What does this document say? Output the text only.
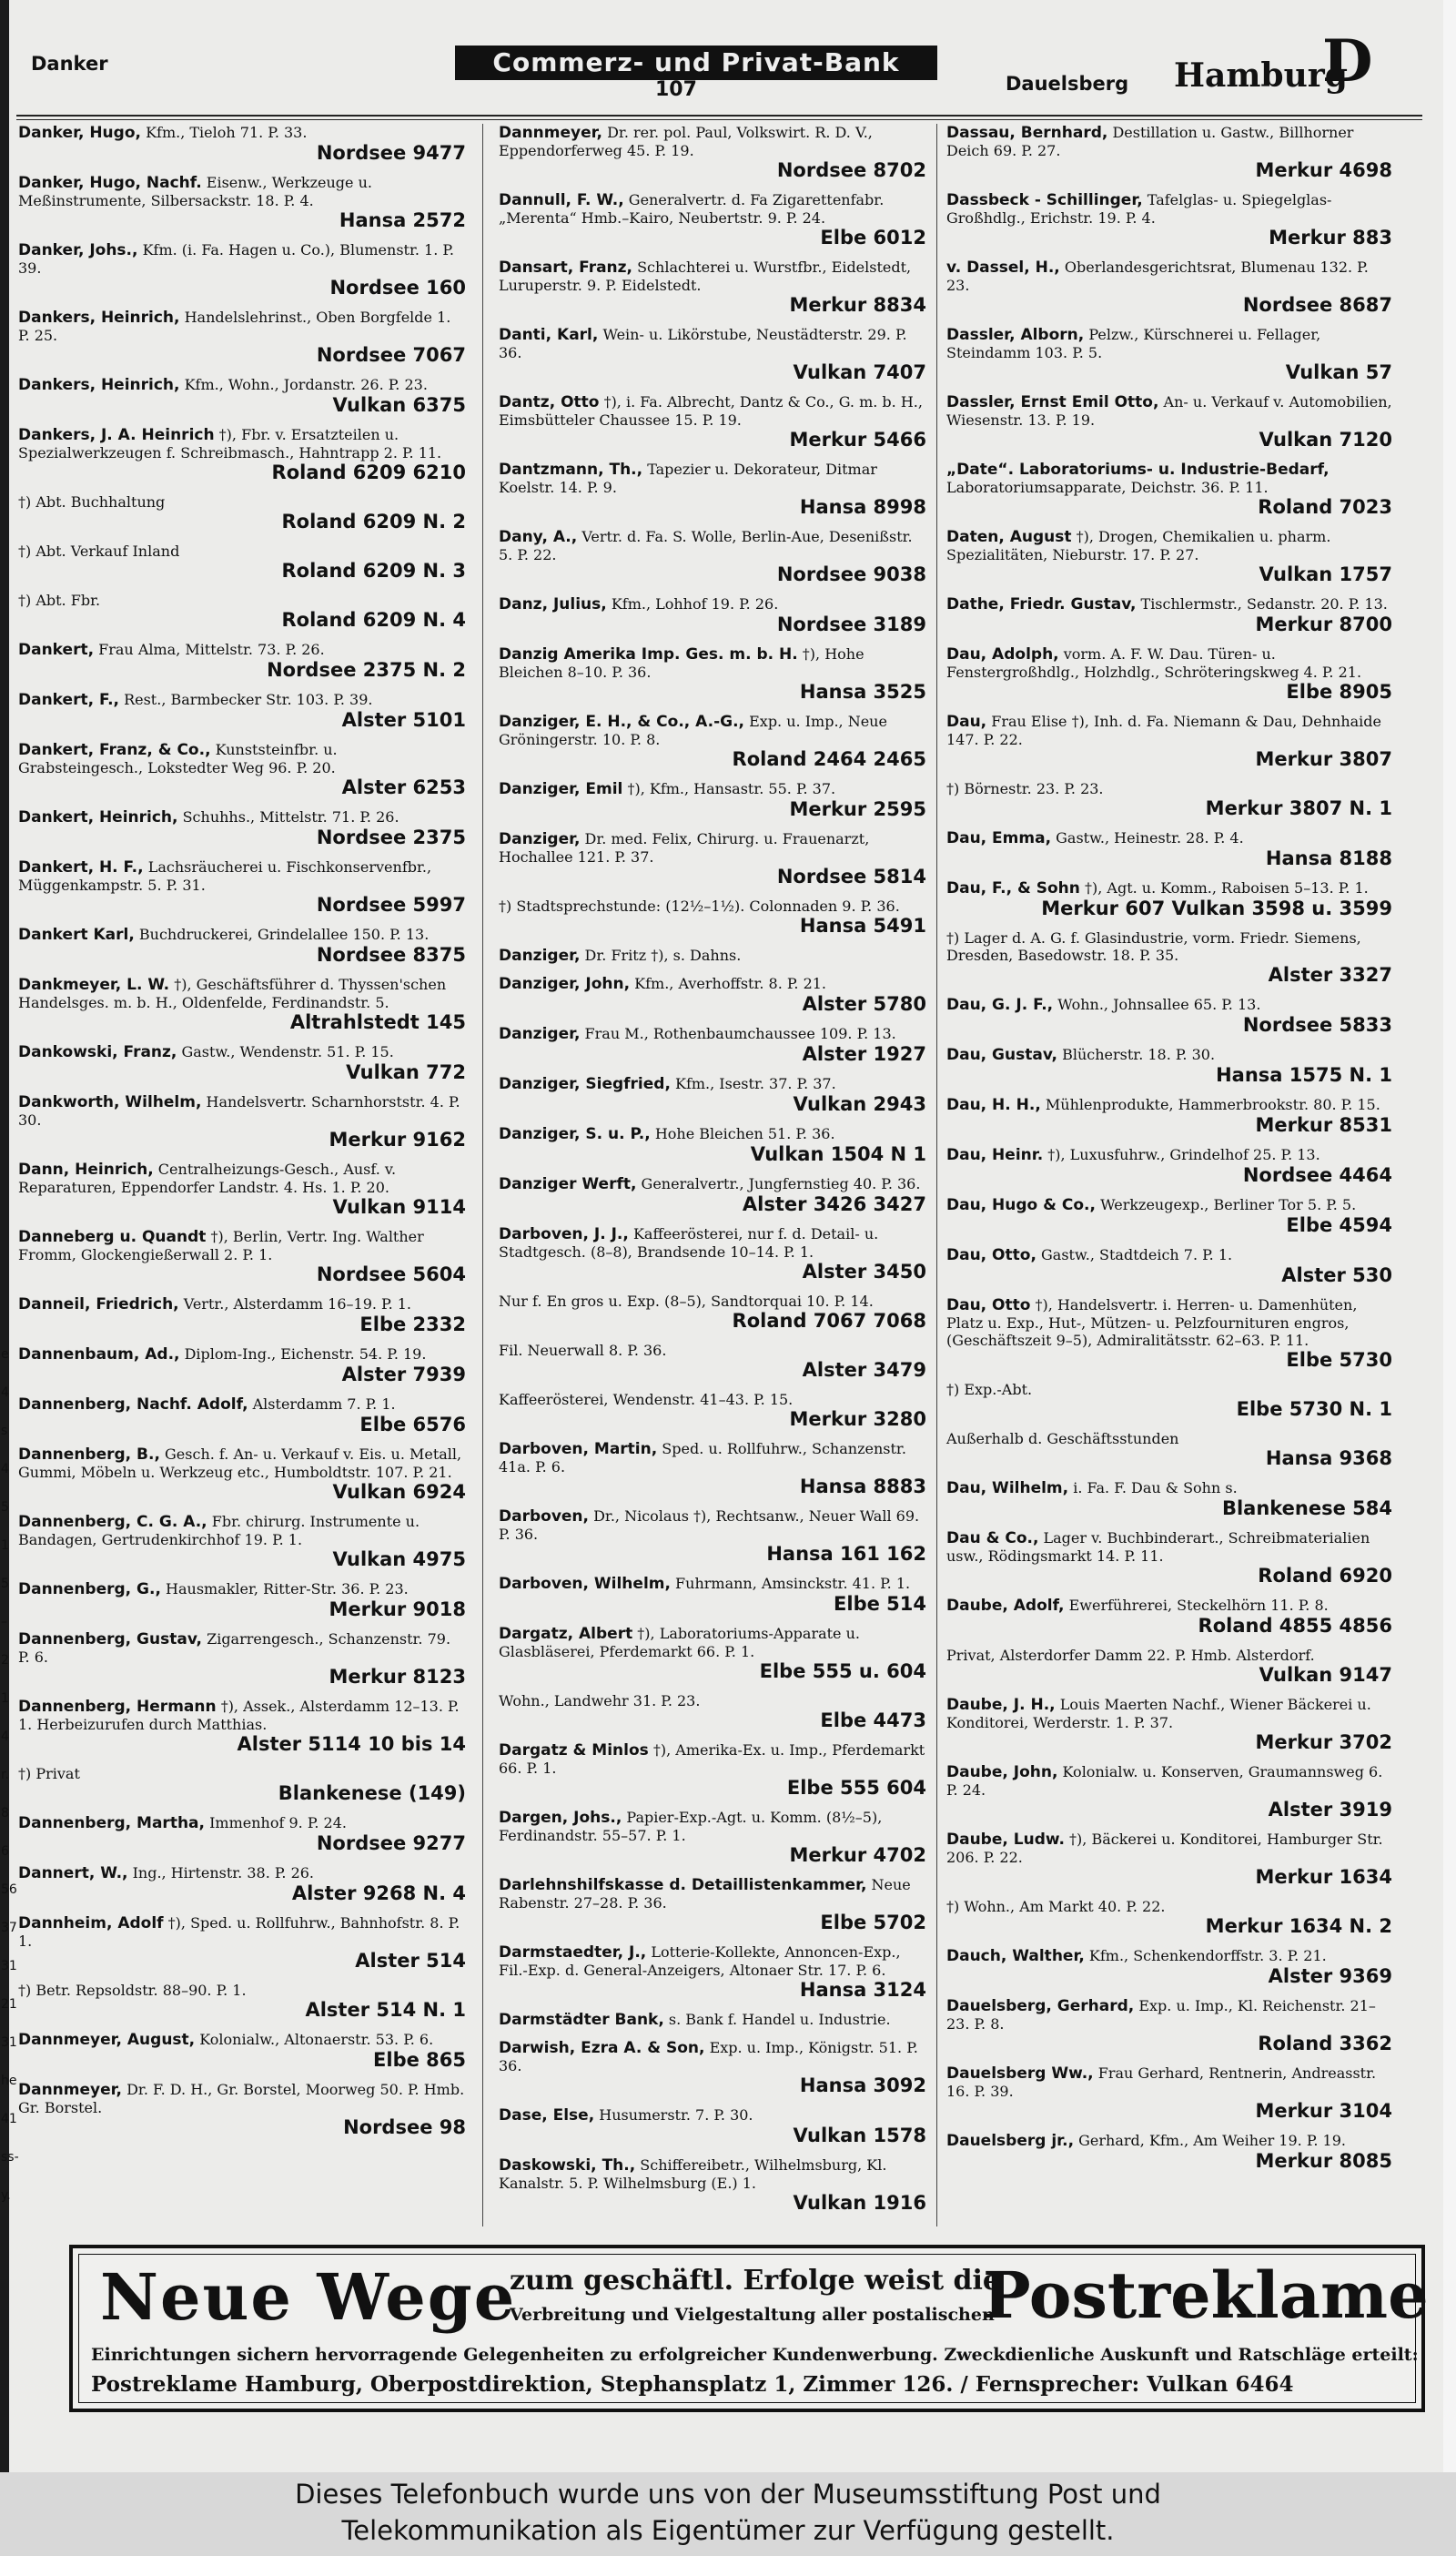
e
4
s
4
5
1
5
–
2
1
4
r.
8
6
56
37
31
21
31
he
41
ss-
y.
Danker	Commerz- und Privat-Bank
107	Dauelsberg Hamburg
D
Danker, Hugo, Kfm., Tieloh 71. P. 33.
Nordsee 9477
Danker, Hugo, Nachf. Eisenw., Werkzeuge u. Meßinstrumente, Silbersackstr. 18. P. 4.
Hansa 2572
Danker, Johs., Kfm. (i. Fa. Hagen u. Co.), Blumenstr. 1. P. 39.
Nordsee 160
Dankers, Heinrich, Handelslehrinst., Oben Borgfelde 1. P. 25.
Nordsee 7067
Dankers, Heinrich, Kfm., Wohn., Jordanstr. 26. P. 23.
Vulkan 6375
Dankers, J. A. Heinrich †), Fbr. v. Ersatzteilen u. Spezialwerkzeugen f. Schreibmasch., Hahntrapp 2. P. 11.
Roland 6209 6210
†) Abt. Buchhaltung
Roland 6209 N. 2
†) Abt. Verkauf Inland
Roland 6209 N. 3
†) Abt. Fbr.
Roland 6209 N. 4
Dankert, Frau Alma, Mittelstr. 73. P. 26.
Nordsee 2375 N. 2
Dankert, F., Rest., Barmbecker Str. 103. P. 39.
Alster 5101
Dankert, Franz, & Co., Kunststeinfbr. u. Grabsteingesch., Lokstedter Weg 96. P. 20.
Alster 6253
Dankert, Heinrich, Schuhhs., Mittelstr. 71. P. 26.
Nordsee 2375
Dankert, H. F., Lachsräucherei u. Fischkonservenfbr., Müggenkampstr. 5. P. 31.
Nordsee 5997
Dankert Karl, Buchdruckerei, Grindelallee 150. P. 13.
Nordsee 8375
Dankmeyer, L. W. †), Geschäftsführer d. Thyssen'schen Handelsges. m. b. H., Oldenfelde, Ferdinandstr. 5.
Altrahlstedt 145
Dankowski, Franz, Gastw., Wendenstr. 51. P. 15.
Vulkan 772
Dankworth, Wilhelm, Handelsvertr. Scharnhorststr. 4. P. 30.
Merkur 9162
Dann, Heinrich, Centralheizungs-Gesch., Ausf. v. Reparaturen, Eppendorfer Landstr. 4. Hs. 1. P. 20.
Vulkan 9114
Danneberg u. Quandt †), Berlin, Vertr. Ing. Walther Fromm, Glockengießerwall 2. P. 1.
Nordsee 5604
Danneil, Friedrich, Vertr., Alsterdamm 16–19. P. 1.
Elbe 2332
Dannenbaum, Ad., Diplom-Ing., Eichenstr. 54. P. 19.
Alster 7939
Dannenberg, Nachf. Adolf, Alsterdamm 7. P. 1.
Elbe 6576
Dannenberg, B., Gesch. f. An- u. Verkauf v. Eis. u. Metall, Gummi, Möbeln u. Werkzeug etc., Humboldtstr. 107. P. 21.
Vulkan 6924
Dannenberg, C. G. A., Fbr. chirurg. Instrumente u. Bandagen, Gertrudenkirchhof 19. P. 1.
Vulkan 4975
Dannenberg, G., Hausmakler, Ritter-Str. 36. P. 23.
Merkur 9018
Dannenberg, Gustav, Zigarrengesch., Schanzenstr. 79. P. 6.
Merkur 8123
Dannenberg, Hermann †), Assek., Alsterdamm 12–13. P. 1. Herbeizurufen durch Matthias.
Alster 5114 10 bis 14
†) Privat
Blankenese (149)
Dannenberg, Martha, Immenhof 9. P. 24.
Nordsee 9277
Dannert, W., Ing., Hirtenstr. 38. P. 26.
Alster 9268 N. 4
Dannheim, Adolf †), Sped. u. Rollfuhrw., Bahnhofstr. 8. P. 1.
Alster 514
†) Betr. Repsoldstr. 88–90. P. 1.
Alster 514 N. 1
Dannmeyer, August, Kolonialw., Altonaerstr. 53. P. 6.
Elbe 865
Dannmeyer, Dr. F. D. H., Gr. Borstel, Moorweg 50. P. Hmb. Gr. Borstel.
Nordsee 98
Dannmeyer, Dr. rer. pol. Paul, Volkswirt. R. D. V., Eppendorferweg 45. P. 19.
Nordsee 8702
Dannull, F. W., Generalvertr. d. Fa Zigarettenfabr. „Merenta“ Hmb.–Kairo, Neubertstr. 9. P. 24.
Elbe 6012
Dansart, Franz, Schlachterei u. Wurstfbr., Eidelstedt, Luruperstr. 9. P. Eidelstedt.
Merkur 8834
Danti, Karl, Wein- u. Likörstube, Neustädterstr. 29. P. 36.
Vulkan 7407
Dantz, Otto †), i. Fa. Albrecht, Dantz & Co., G. m. b. H., Eimsbütteler Chaussee 15. P. 19.
Merkur 5466
Dantzmann, Th., Tapezier u. Dekorateur, Ditmar Koelstr. 14. P. 9.
Hansa 8998
Dany, A., Vertr. d. Fa. S. Wolle, Berlin-Aue, Desenißstr. 5. P. 22.
Nordsee 9038
Danz, Julius, Kfm., Lohhof 19. P. 26.
Nordsee 3189
Danzig Amerika Imp. Ges. m. b. H. †), Hohe Bleichen 8–10. P. 36.
Hansa 3525
Danziger, E. H., & Co., A.-G., Exp. u. Imp., Neue Gröningerstr. 10. P. 8.
Roland 2464 2465
Danziger, Emil †), Kfm., Hansastr. 55. P. 37.
Merkur 2595
Danziger, Dr. med. Felix, Chirurg. u. Frauenarzt, Hochallee 121. P. 37.
Nordsee 5814
†) Stadtsprechstunde: (12½–1½). Colonnaden 9. P. 36.
Hansa 5491
Danziger, Dr. Fritz †), s. Dahns.
Danziger, John, Kfm., Averhoffstr. 8. P. 21.
Alster 5780
Danziger, Frau M., Rothenbaumchaussee 109. P. 13.
Alster 1927
Danziger, Siegfried, Kfm., Isestr. 37. P. 37.
Vulkan 2943
Danziger, S. u. P., Hohe Bleichen 51. P. 36.
Vulkan 1504 N 1
Danziger Werft, Generalvertr., Jungfernstieg 40. P. 36.
Alster 3426 3427
Darboven, J. J., Kaffeerösterei, nur f. d. Detail- u. Stadtgesch. (8–8), Brandsende 10–14. P. 1.
Alster 3450
Nur f. En gros u. Exp. (8–5), Sandtorquai 10. P. 14.
Roland 7067 7068
Fil. Neuerwall 8. P. 36.
Alster 3479
Kaffeerösterei, Wendenstr. 41–43. P. 15.
Merkur 3280
Darboven, Martin, Sped. u. Rollfuhrw., Schanzenstr. 41a. P. 6.
Hansa 8883
Darboven, Dr., Nicolaus †), Rechtsanw., Neuer Wall 69. P. 36.
Hansa 161 162
Darboven, Wilhelm, Fuhrmann, Amsinckstr. 41. P. 1.
Elbe 514
Dargatz, Albert †), Laboratoriums-Apparate u. Glasbläserei, Pferdemarkt 66. P. 1.
Elbe 555 u. 604
Wohn., Landwehr 31. P. 23.
Elbe 4473
Dargatz & Minlos †), Amerika-Ex. u. Imp., Pferdemarkt 66. P. 1.
Elbe 555 604
Dargen, Johs., Papier-Exp.-Agt. u. Komm. (8½–5), Ferdinandstr. 55–57. P. 1.
Merkur 4702
Darlehnshilfskasse d. Detaillistenkammer, Neue Rabenstr. 27–28. P. 36.
Elbe 5702
Darmstaedter, J., Lotterie-Kollekte, Annoncen-Exp., Fil.-Exp. d. General-Anzeigers, Altonaer Str. 17. P. 6.
Hansa 3124
Darmstädter Bank, s. Bank f. Handel u. Industrie.
Darwish, Ezra A. & Son, Exp. u. Imp., Königstr. 51. P. 36.
Hansa 3092
Dase, Else, Husumerstr. 7. P. 30.
Vulkan 1578
Daskowski, Th., Schiffereibetr., Wilhelmsburg, Kl. Kanalstr. 5. P. Wilhelmsburg (E.) 1.
Vulkan 1916
Dassau, Bernhard, Destillation u. Gastw., Billhorner Deich 69. P. 27.
Merkur 4698
Dassbeck - Schillinger, Tafelglas- u. Spiegelglas-Großhdlg., Erichstr. 19. P. 4.
Merkur 883
v. Dassel, H., Oberlandesgerichtsrat, Blumenau 132. P. 23.
Nordsee 8687
Dassler, Alborn, Pelzw., Kürschnerei u. Fellager, Steindamm 103. P. 5.
Vulkan 57
Dassler, Ernst Emil Otto, An- u. Verkauf v. Automobilien, Wiesenstr. 13. P. 19.
Vulkan 7120
„Date“. Laboratoriums- u. Industrie-Bedarf, Laboratoriumsapparate, Deichstr. 36. P. 11.
Roland 7023
Daten, August †), Drogen, Chemikalien u. pharm. Spezialitäten, Nieburstr. 17. P. 27.
Vulkan 1757
Dathe, Friedr. Gustav, Tischlermstr., Sedanstr. 20. P. 13.
Merkur 8700
Dau, Adolph, vorm. A. F. W. Dau. Türen- u. Fenstergroßhdlg., Holzhdlg., Schröteringskweg 4. P. 21.
Elbe 8905
Dau, Frau Elise †), Inh. d. Fa. Niemann & Dau, Dehnhaide 147. P. 22.
Merkur 3807
†) Börnestr. 23. P. 23.
Merkur 3807 N. 1
Dau, Emma, Gastw., Heinestr. 28. P. 4.
Hansa 8188
Dau, F., & Sohn †), Agt. u. Komm., Raboisen 5–13. P. 1.
Merkur 607 Vulkan 3598 u. 3599
†) Lager d. A. G. f. Glasindustrie, vorm. Friedr. Siemens, Dresden, Basedowstr. 18. P. 35.
Alster 3327
Dau, G. J. F., Wohn., Johnsallee 65. P. 13.
Nordsee 5833
Dau, Gustav, Blücherstr. 18. P. 30.
Hansa 1575 N. 1
Dau, H. H., Mühlenprodukte, Hammerbrookstr. 80. P. 15.
Merkur 8531
Dau, Heinr. †), Luxusfuhrw., Grindelhof 25. P. 13.
Nordsee 4464
Dau, Hugo & Co., Werkzeugexp., Berliner Tor 5. P. 5.
Elbe 4594
Dau, Otto, Gastw., Stadtdeich 7. P. 1.
Alster 530
Dau, Otto †), Handelsvertr. i. Herren- u. Damenhüten, Platz u. Exp., Hut-, Mützen- u. Pelzfournituren engros, (Geschäftszeit 9–5), Admiralitätsstr. 62–63. P. 11.
Elbe 5730
†) Exp.-Abt.
Elbe 5730 N. 1
Außerhalb d. Geschäftsstunden
Hansa 9368
Dau, Wilhelm, i. Fa. F. Dau & Sohn s.
Blankenese 584
Dau & Co., Lager v. Buchbinderart., Schreibmaterialien usw., Rödingsmarkt 14. P. 11.
Roland 6920
Daube, Adolf, Ewerführerei, Steckelhörn 11. P. 8.
Roland 4855 4856
Privat, Alsterdorfer Damm 22. P. Hmb. Alsterdorf.
Vulkan 9147
Daube, J. H., Louis Maerten Nachf., Wiener Bäckerei u. Konditorei, Werderstr. 1. P. 37.
Merkur 3702
Daube, John, Kolonialw. u. Konserven, Graumannsweg 6. P. 24.
Alster 3919
Daube, Ludw. †), Bäckerei u. Konditorei, Hamburger Str. 206. P. 22.
Merkur 1634
†) Wohn., Am Markt 40. P. 22.
Merkur 1634 N. 2
Dauch, Walther, Kfm., Schenkendorffstr. 3. P. 21.
Alster 9369
Dauelsberg, Gerhard, Exp. u. Imp., Kl. Reichenstr. 21–23. P. 8.
Roland 3362
Dauelsberg Ww., Frau Gerhard, Rentnerin, Andreasstr. 16. P. 39.
Merkur 3104
Dauelsberg jr., Gerhard, Kfm., Am Weiher 19. P. 19.
Merkur 8085
Neue Wege
zum geschäftl. Erfolge weist die
Verbreitung und Vielgestaltung aller postalischen
Postreklame
Einrichtungen sichern hervorragende Gelegenheiten zu erfolgreicher Kundenwerbung. Zweckdienliche Auskunft und Ratschläge erteilt:
Postreklame Hamburg, Oberpostdirektion, Stephansplatz 1, Zimmer 126. / Fernsprecher: Vulkan 6464
Dieses Telefonbuch wurde uns von der Museumsstiftung Post und
Telekommunikation als Eigentümer zur Verfügung gestellt.
